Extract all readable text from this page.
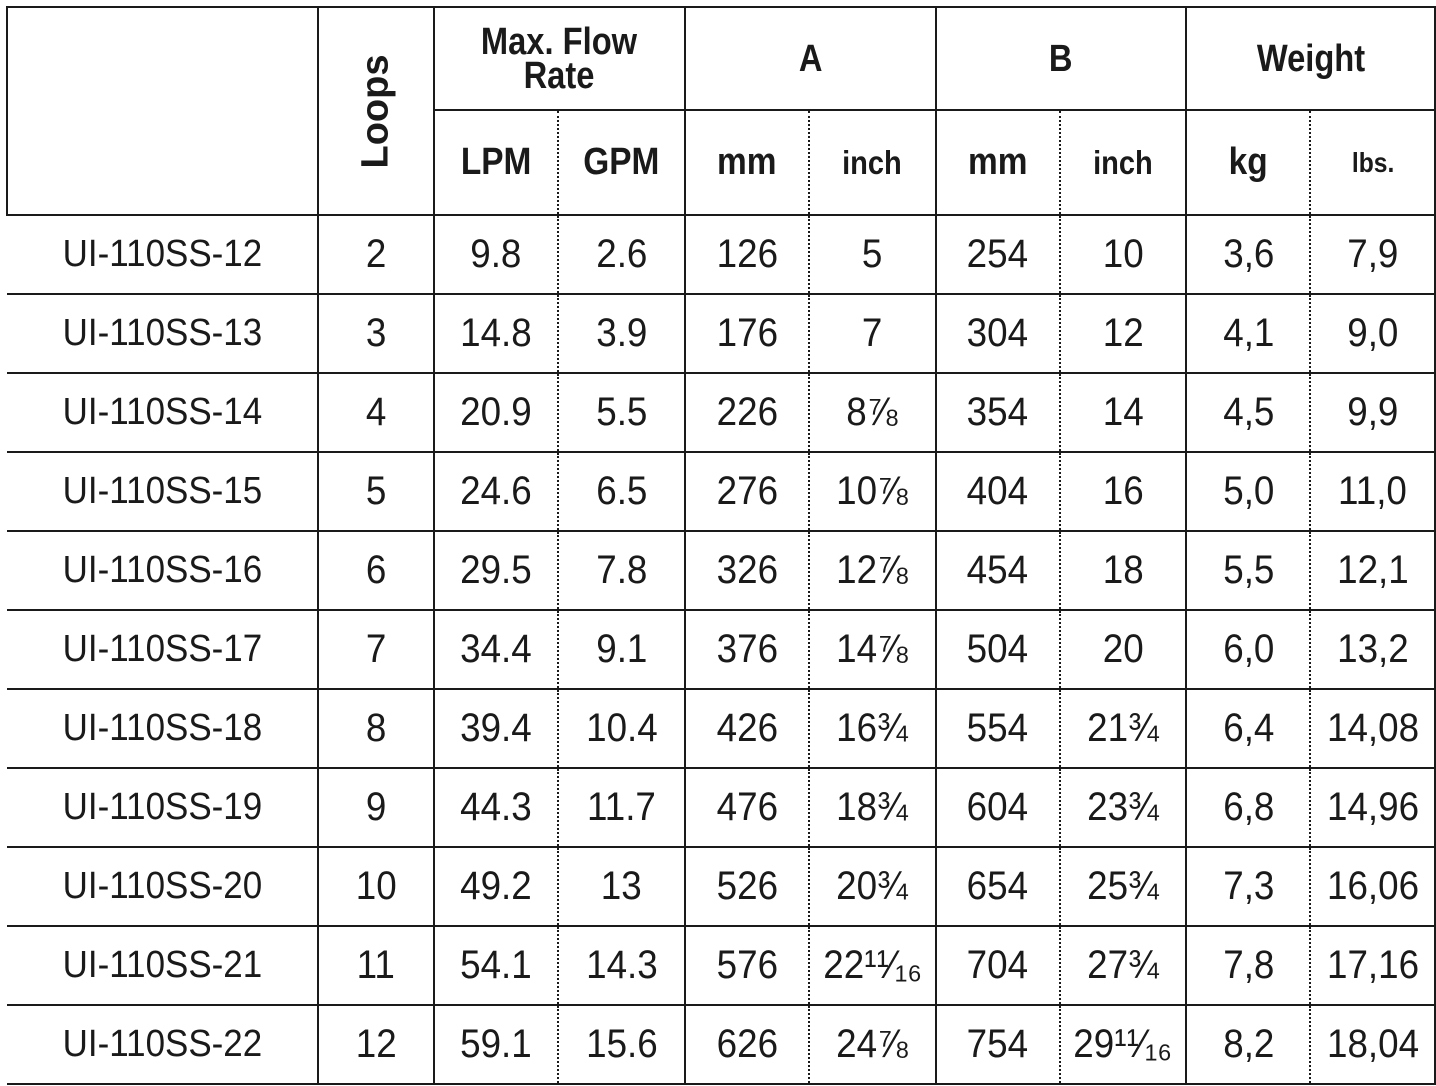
	Loops	Max. Flow Rate		A		B		Weight	
		LPM	GPM	mm	inch	mm	inch	kg	lbs.
UI-110SS-12	2	9.8	2.6	126	5	254	10	3,6	7,9
UI-110SS-13	3	14.8	3.9	176	7	304	12	4,1	9,0
UI-110SS-14	4	20.9	5.5	226	8⅞	354	14	4,5	9,9
UI-110SS-15	5	24.6	6.5	276	10⅞	404	16	5,0	11,0
UI-110SS-16	6	29.5	7.8	326	12⅞	454	18	5,5	12,1
UI-110SS-17	7	34.4	9.1	376	14⅞	504	20	6,0	13,2
UI-110SS-18	8	39.4	10.4	426	16¾	554	21¾	6,4	14,08
UI-110SS-19	9	44.3	11.7	476	18¾	604	23¾	6,8	14,96
UI-110SS-20	10	49.2	13	526	20¾	654	25¾	7,3	16,06
UI-110SS-21	11	54.1	14.3	576	22¹¹⁄₁₆	704	27¾	7,8	17,16
UI-110SS-22	12	59.1	15.6	626	24⅞	754	29¹¹⁄₁₆	8,2	18,04
